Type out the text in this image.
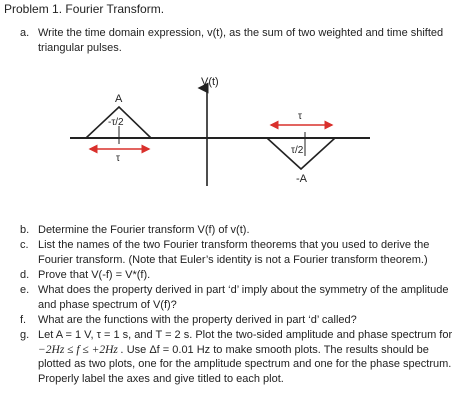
Problem 1. Fourier Transform.
a. Write the time domain expression, v(t), as the sum of two weighted and time shifted
triangular pulses.
V(t)
A
-τ/2
τ
τ
τ/2
-A
b. Determine the Fourier transform V(f) of v(t).
c. List the names of the two Fourier transform theorems that you used to derive the
Fourier transform. (Note that Euler’s identity is not a Fourier transform theorem.)
d. Prove that V(-f) = V*(f).
e. What does the property derived in part ‘d’ imply about the symmetry of the amplitude
and phase spectrum of V(f)?
f. What are the functions with the property derived in part ‘d’ called?
g. Let A = 1 V, τ = 1 s, and T = 2 s. Plot the two-sided amplitude and phase spectrum for
−2Hz ≤ f ≤ +2Hz . Use Δf = 0.01 Hz to make smooth plots. The results should be
plotted as two plots, one for the amplitude spectrum and one for the phase spectrum.
Properly label the axes and give titled to each plot.
